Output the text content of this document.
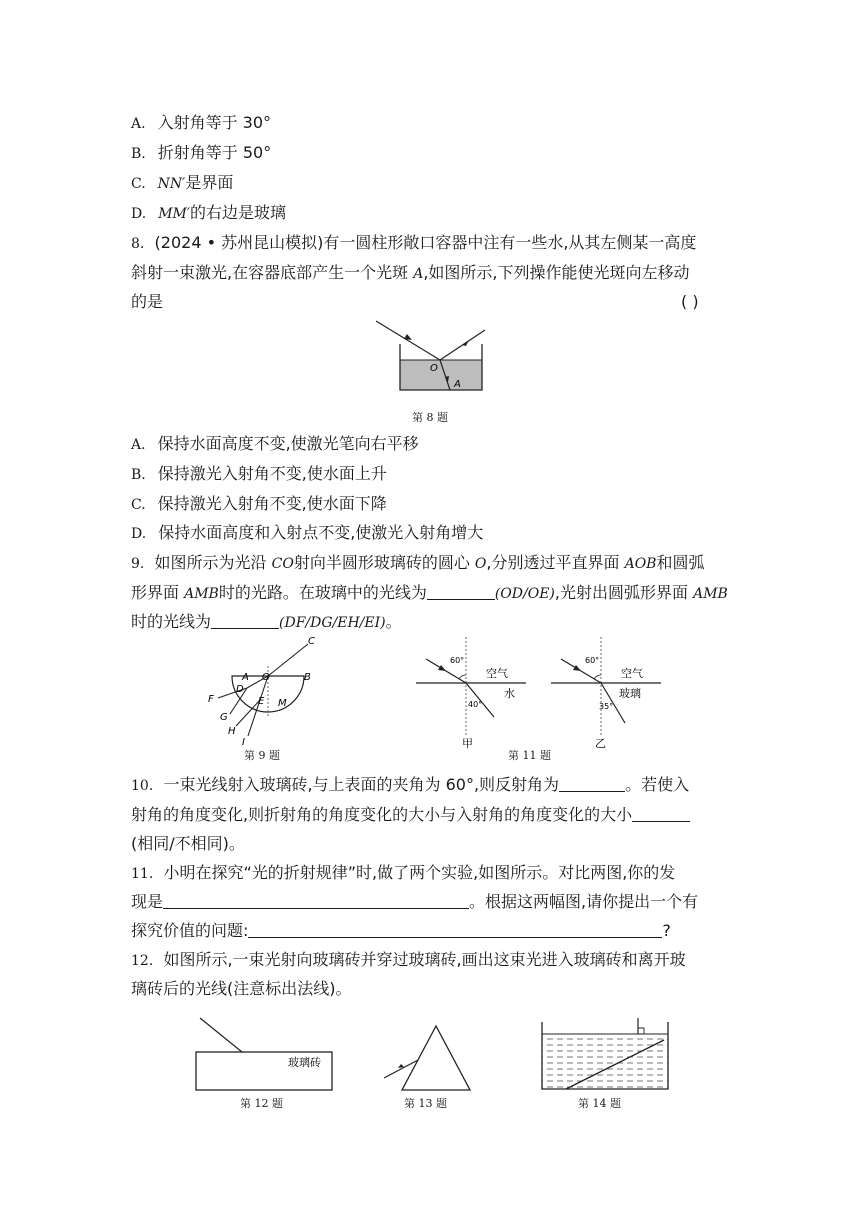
A. 入射角等于 30°
B. 折射角等于 50°
C. NN′是界面
D. MM′的右边是玻璃
8. (2024 • 苏州昆山模拟)有一圆柱形敞口容器中注有一些水,从其左侧某一高度
斜射一束激光,在容器底部产生一个光斑 A,如图所示,下列操作能使光斑向左移动
的是	( )
O
A
第 8 题
A. 保持水面高度不变,使激光笔向右平移
B. 保持激光入射角不变,使水面上升
C. 保持激光入射角不变,使水面下降
D. 保持水面高度和入射点不变,使激光入射角增大
9. 如图所示为光沿 CO射向半圆形玻璃砖的圆心 O,分别透过平直界面 AOB和圆弧
形界面 AMB时的光路。在玻璃中的光线为	(OD/OE),光射出圆弧形界面 AMB
时的光线为	(DF/DG/EH/EI)。
C
B
A O
D
E M
F
G
H
I
第 9 题
60°
空气
水
40°
甲
60°
空气
玻璃
35°
乙
第 11 题
10. 一束光线射入玻璃砖,与上表面的夹角为 60°,则反射角为	。若使入
射角的角度变化,则折射角的角度变化的大小与入射角的角度变化的大小
(相同/不相同)。
11. 小明在探究“光的折射规律”时,做了两个实验,如图所示。对比两图,你的发
现是	。根据这两幅图,请你提出一个有
探究价值的问题:	?
12. 如图所示,一束光射向玻璃砖并穿过玻璃砖,画出这束光进入玻璃砖和离开玻
璃砖后的光线(注意标出法线)。
玻璃砖
第 12 题	第 13 题	第 14 题
